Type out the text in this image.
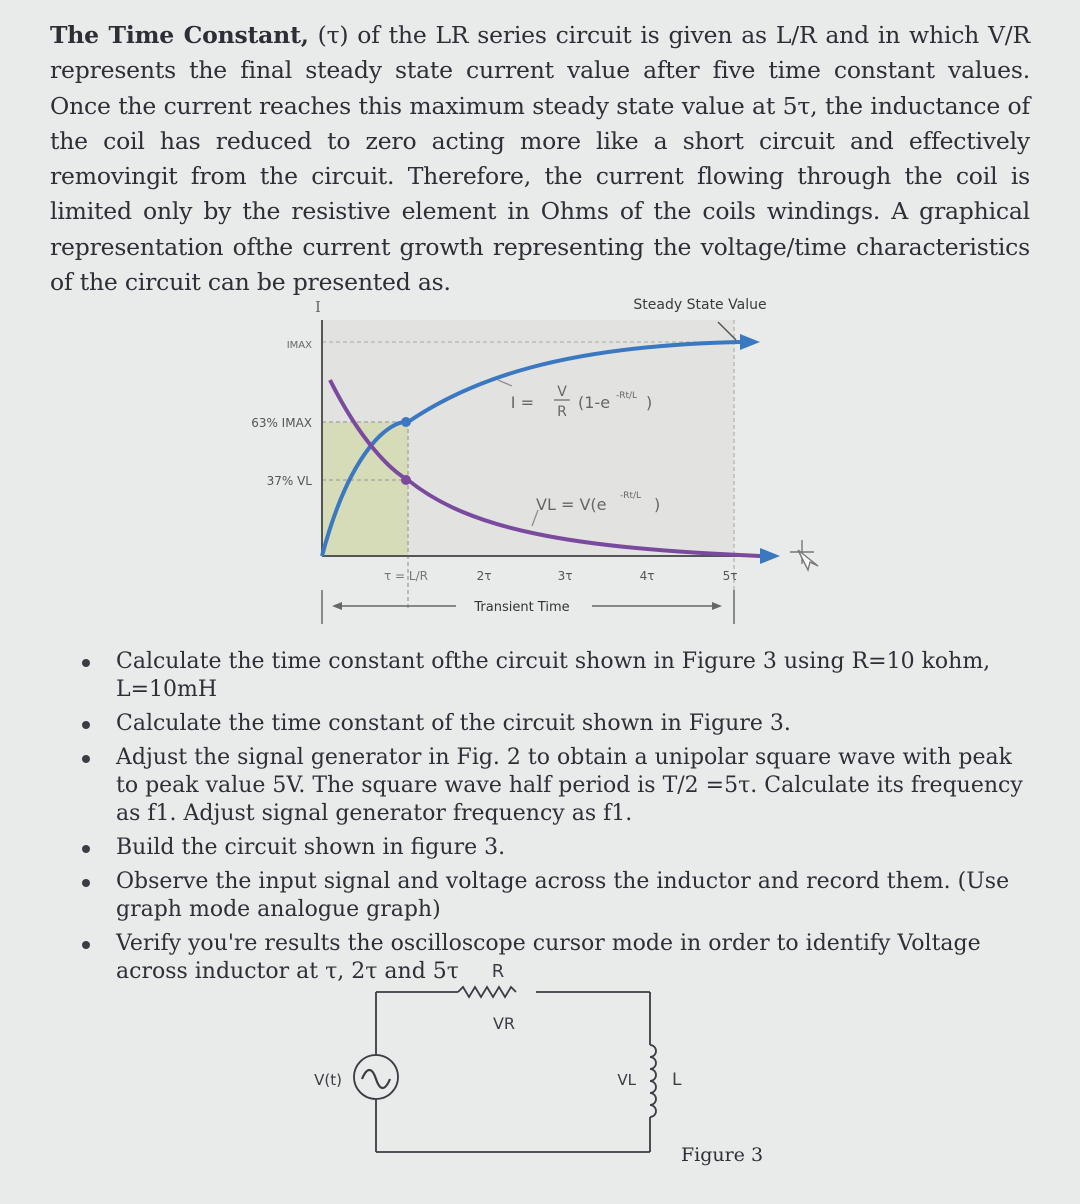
The Time Constant, (τ) of the LR series circuit is given as L/R and in which V/R represents the final steady state current value after five time constant values. Once the current reaches this maximum steady state value at 5τ, the inductance of the coil has reduced to zero acting more like a short circuit and effectively removingit from the circuit. Therefore, the current flowing through the coil is limited only by the resistive element in Ohms of the coils windings. A graphical representation ofthe current growth representing the voltage/time characteristics of the circuit can be presented as.
I	Steady State Value
IMAX
63% IMAX
37% VL
I =
V
R (1-e -Rt/L )
VL = V(e -Rt/L )
τ = L/R	2τ	3τ	4τ	5τ
Transient Time
Calculate the time constant ofthe circuit shown in Figure 3 using R=10 kohm, L=10mH
Calculate the time constant of the circuit shown in Figure 3.
Adjust the signal generator in Fig. 2 to obtain a unipolar square wave with peak to peak value 5V. The square wave half period is T/2 =5τ. Calculate its frequency as f1. Adjust signal generator frequency as f1.
Build the circuit shown in figure 3.
Observe the input signal and voltage across the inductor and record them. (Use graph mode analogue graph)
Verify you're results the oscilloscope cursor mode in order to identify Voltage across inductor at τ, 2τ and 5τ	R
VR
V(t)	VL L
Figure 3
